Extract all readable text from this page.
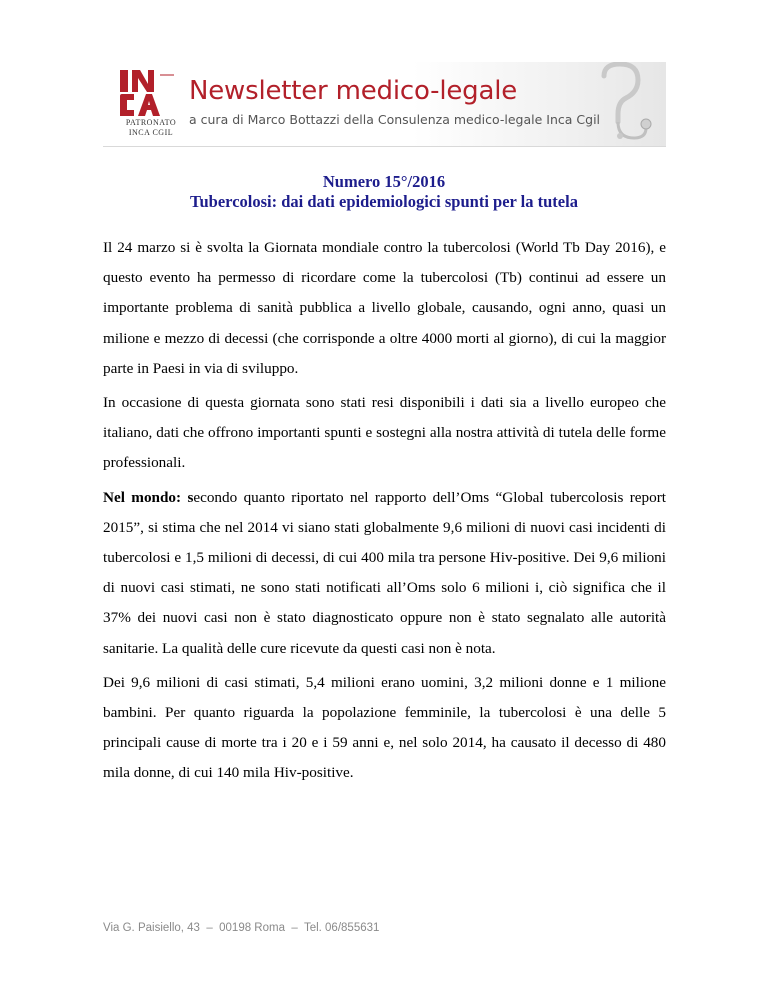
PATRONATO
INCA CGIL
Newsletter medico-legale
a cura di Marco Bottazzi della Consulenza medico-legale Inca Cgil
Numero 15°/2016
Tubercolosi: dai dati epidemiologici spunti per la tutela

Il 24 marzo si è svolta la Giornata mondiale contro la tubercolosi (World Tb Day 2016), e questo evento ha permesso di ricordare come la tubercolosi (Tb) continui ad essere un importante problema di sanità pubblica a livello globale, causando, ogni anno, quasi un milione e mezzo di decessi (che corrisponde a oltre 4000 morti al giorno), di cui la maggior parte in Paesi in via di sviluppo.

In occasione di questa giornata sono stati resi disponibili i dati sia a livello europeo che italiano, dati che offrono importanti spunti e sostegni alla nostra attività di tutela delle forme professionali.

Nel mondo: secondo quanto riportato nel rapporto dell’Oms “Global tubercolosis report 2015”, si stima che nel 2014 vi siano stati globalmente 9,6 milioni di nuovi casi incidenti di tubercolosi e 1,5 milioni di decessi, di cui 400 mila tra persone Hiv-positive. Dei 9,6 milioni di nuovi casi stimati, ne sono stati notificati all’Oms solo 6 milioni i, ciò significa che il 37% dei nuovi casi non è stato diagnosticato oppure non è stato segnalato alle autorità sanitarie. La qualità delle cure ricevute da questi casi non è nota.

Dei 9,6 milioni di casi stimati, 5,4 milioni erano uomini, 3,2 milioni donne e 1 milione bambini. Per quanto riguarda la popolazione femminile, la tubercolosi è una delle 5 principali cause di morte tra i 20 e i 59 anni e, nel solo 2014, ha causato il decesso di 480 mila donne, di cui 140 mila Hiv-positive.

Via G. Paisiello, 43  –  00198 Roma  –  Tel. 06/855631
